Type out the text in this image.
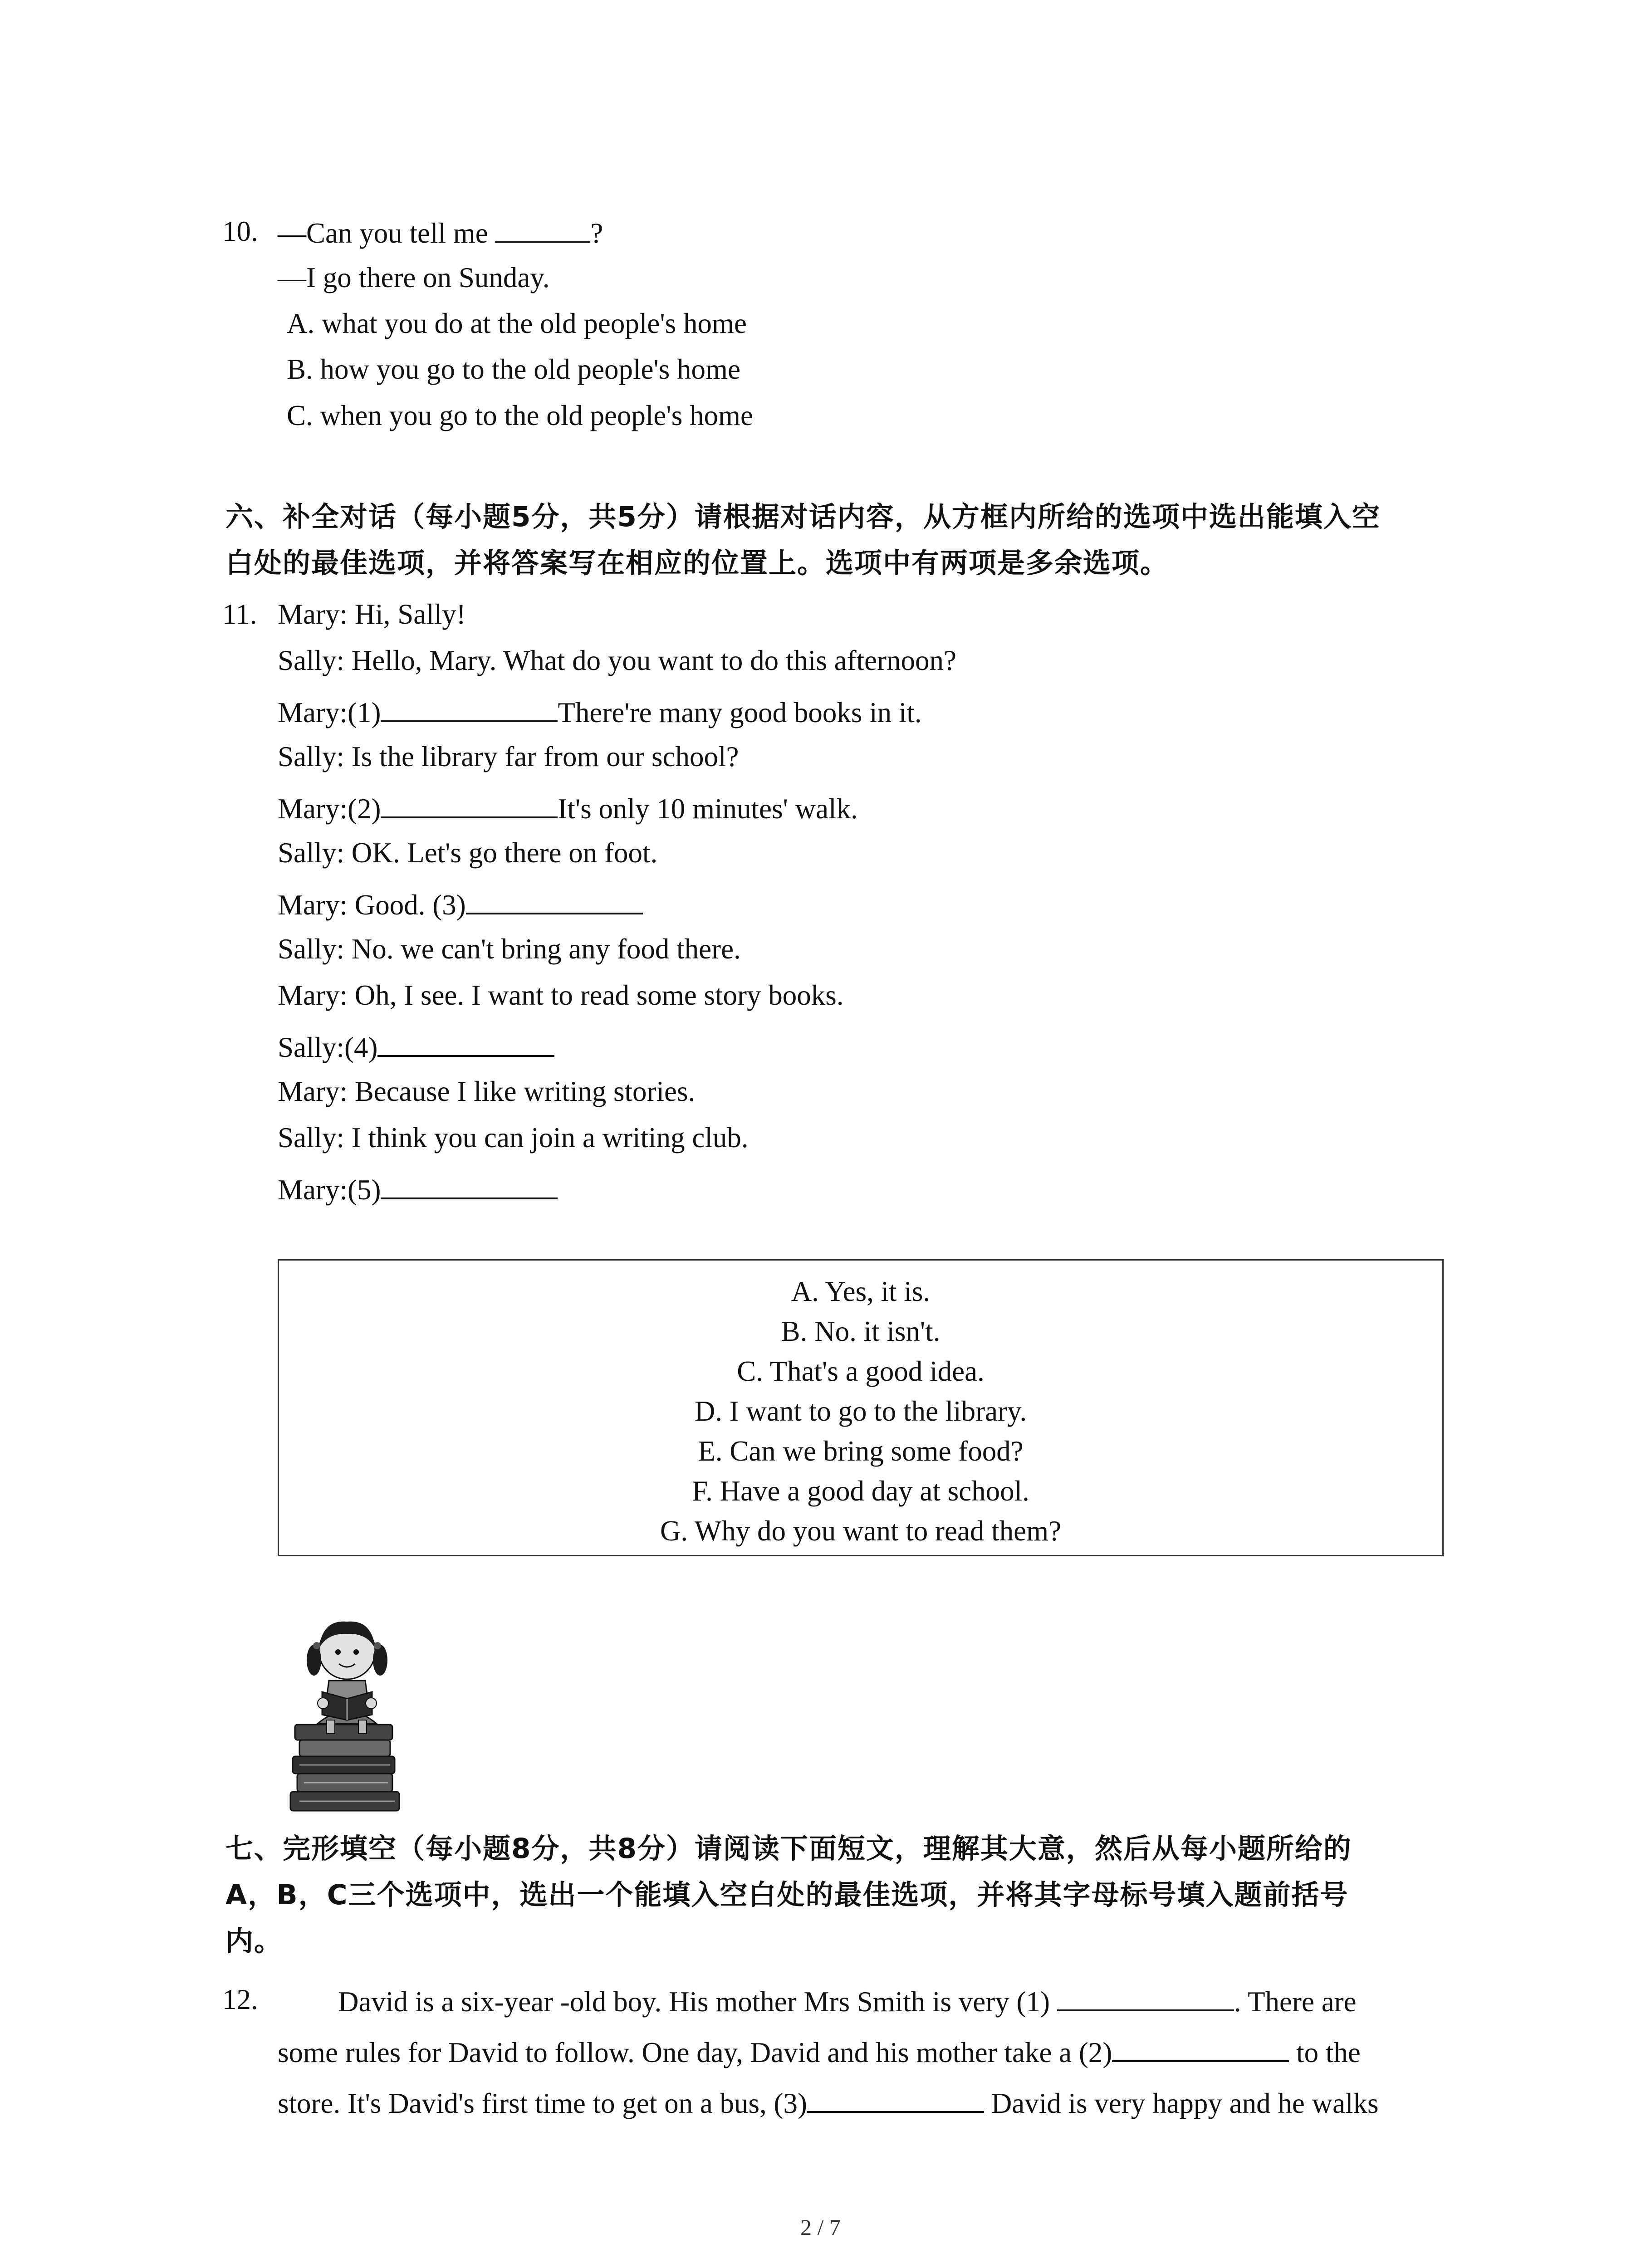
10. —Can you tell me	?
—I go there on Sunday.
A. what you do at the old people's home
B. how you go to the old people's home
C. when you go to the old people's home
六、补全对话（每小题5分，共5分）请根据对话内容，从方框内所给的选项中选出能填入空
白处的最佳选项，并将答案写在相应的位置上。选项中有两项是多余选项。
11. Mary: Hi, Sally!
Sally: Hello, Mary. What do you want to do this afternoon?
Mary:(1)	There're many good books in it.
Sally: Is the library far from our school?
Mary:(2)	It's only 10 minutes' walk.
Sally: OK. Let's go there on foot.
Mary: Good. (3)
Sally: No. we can't bring any food there.
Mary: Oh, I see. I want to read some story books.
Sally:(4)
Mary: Because I like writing stories.
Sally: I think you can join a writing club.
Mary:(5)
A. Yes, it is.
B. No. it isn't.
C. That's a good idea.
D. I want to go to the library.
E. Can we bring some food?
F. Have a good day at school.
G. Why do you want to read them?
七、完形填空（每小题8分，共8分）请阅读下面短文，理解其大意，然后从每小题所给的
A，B，C三个选项中，选出一个能填入空白处的最佳选项，并将其字母标号填入题前括号
内。
12.	David is a six-year -old boy. His mother Mrs Smith is very (1)	. There are
some rules for David to follow. One day, David and his mother take a (2)	to the
store. It's David's first time to get on a bus, (3)	David is very happy and he walks
2 / 7
